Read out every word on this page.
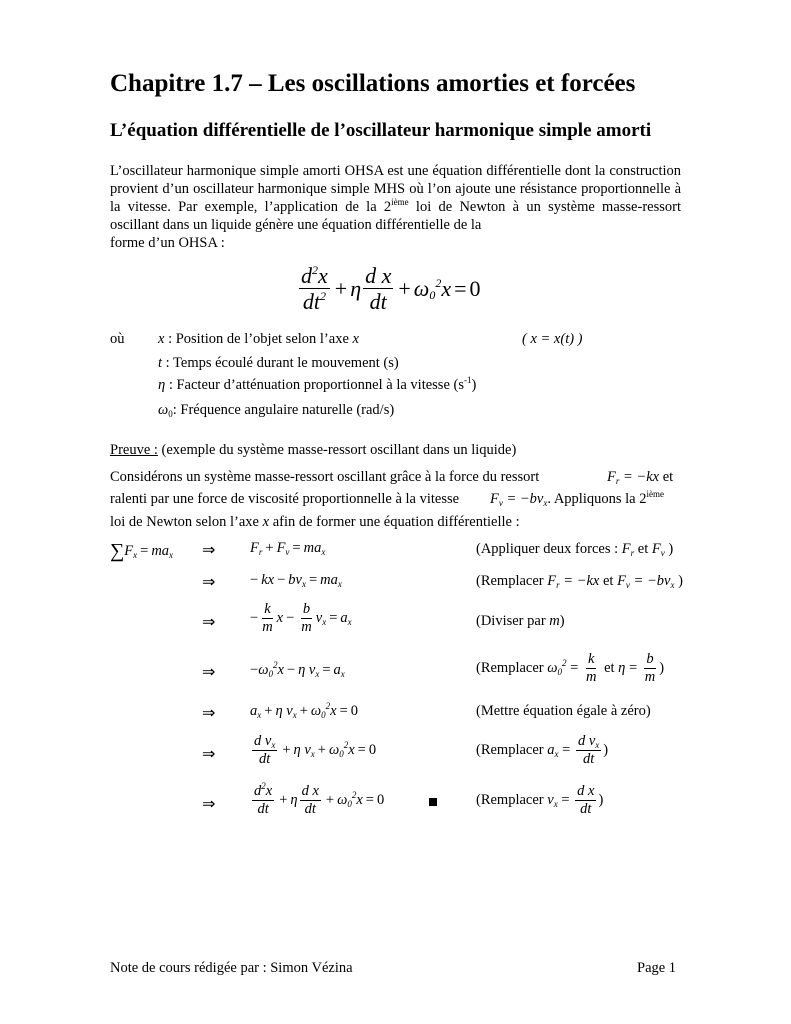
Chapitre 1.7 – Les oscillations amorties et forcées
L’équation différentielle de l’oscillateur harmonique simple amorti

L’oscillateur harmonique simple amorti OHSA est une équation différentielle dont la construction provient d’un oscillateur harmonique simple MHS où l’on ajoute une résistance proportionnelle à la vitesse. Par exemple, l’application de la 2ième loi de Newton à un système masse-ressort oscillant dans un liquide génère une équation différentielle de la
forme d’un OHSA :

$\frac{d^2x}{dt^2} + \eta \frac{\text{d x}}{dt} + \omega_0^2x = 0$
où x : Position de l’objet selon l’axe x	( x = x(t) )
t : Temps écoulé durant le mouvement (s)
η : Facteur d’atténuation proportionnel à la vitesse $(s^{-1})$
$\omega_0$: Fréquence angulaire naturelle (rad/s)
Preuve : (exemple du système masse-ressort oscillant dans un liquide)
Considérons un système masse-ressort oscillant grâce à la force du ressort	$F_r = -kx$ et
ralenti par une force de viscosité proportionnelle à la vitesse $F_v = -bv_x$. Appliquons la 2ième
loi de Newton selon l’axe x afin de former une équation différentielle :
∑ $F_x = ma_x$ ⇒ $F_r + F_v = ma_x$	(Appliquer deux forces : $F_r$ et $F_v$ )
⇒ − kx − $bv_x = ma_x$	(Remplacer $F_r = -kx$ et $F_v = -bv_x$ )
⇒ − $\frac{k}{m}$ $x - \frac{b}{m} v_x = a_x$	(Diviser par m )
⇒ − $\omega_0^2x - \eta$ $v_x = a_x$	(Remplacer $\omega_0^2 = \frac{k}{m}$ et $\eta = \frac{b}{m}$ )
⇒ $a_x + \eta$ $v_x + \omega_0^2x = 0$	(Mettre équation égale à zéro)
⇒	$\frac{d v_x}{dt} + \eta$ $v_x + \omega_0^2x = 0$	(Remplacer $a_x = \frac{d v_x}{dt}$ )
⇒	$\frac{d^2x}{dt} + \eta \frac{\text{d x}}{dt} + \omega_0^2x = 0$	(Remplacer $v_x = \frac{\text{d x}}{dt}$ )
Note de cours rédigée par : Simon Vézina	Page 1
